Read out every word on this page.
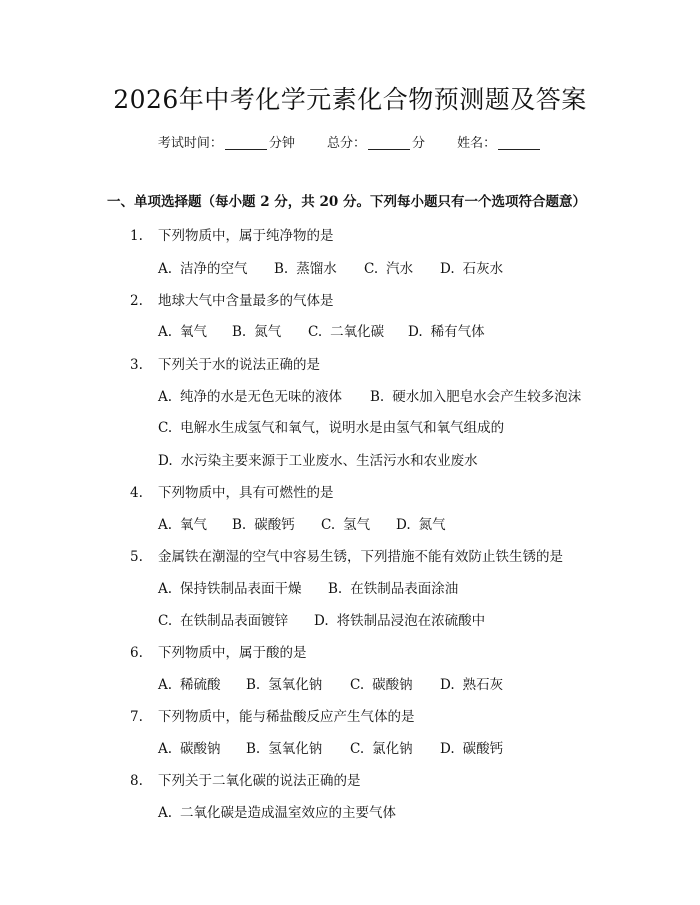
2026年中考化学元素化合物预测题及答案
考试时间：	分钟 总分：	分 姓名：
一、单项选择题（每小题 2 分，共 20 分。下列每小题只有一个选项符合题意）
1. 下列物质中，属于纯净物的是
A. 洁净的空气 B. 蒸馏水 C. 汽水 D. 石灰水
2. 地球大气中含量最多的气体是
A. 氧气 B. 氮气 C. 二氧化碳 D. 稀有气体
3. 下列关于水的说法正确的是
A. 纯净的水是无色无味的液体 B. 硬水加入肥皂水会产生较多泡沫
C. 电解水生成氢气和氧气，说明水是由氢气和氧气组成的
D. 水污染主要来源于工业废水、生活污水和农业废水
4. 下列物质中，具有可燃性的是
A. 氧气 B. 碳酸钙 C. 氢气 D. 氮气
5. 金属铁在潮湿的空气中容易生锈，下列措施不能有效防止铁生锈的是
A. 保持铁制品表面干燥 B. 在铁制品表面涂油
C. 在铁制品表面镀锌 D. 将铁制品浸泡在浓硫酸中
6. 下列物质中，属于酸的是
A. 稀硫酸 B. 氢氧化钠 C. 碳酸钠 D. 熟石灰
7. 下列物质中，能与稀盐酸反应产生气体的是
A. 碳酸钠 B. 氢氧化钠 C. 氯化钠 D. 碳酸钙
8. 下列关于二氧化碳的说法正确的是
A. 二氧化碳是造成温室效应的主要气体
